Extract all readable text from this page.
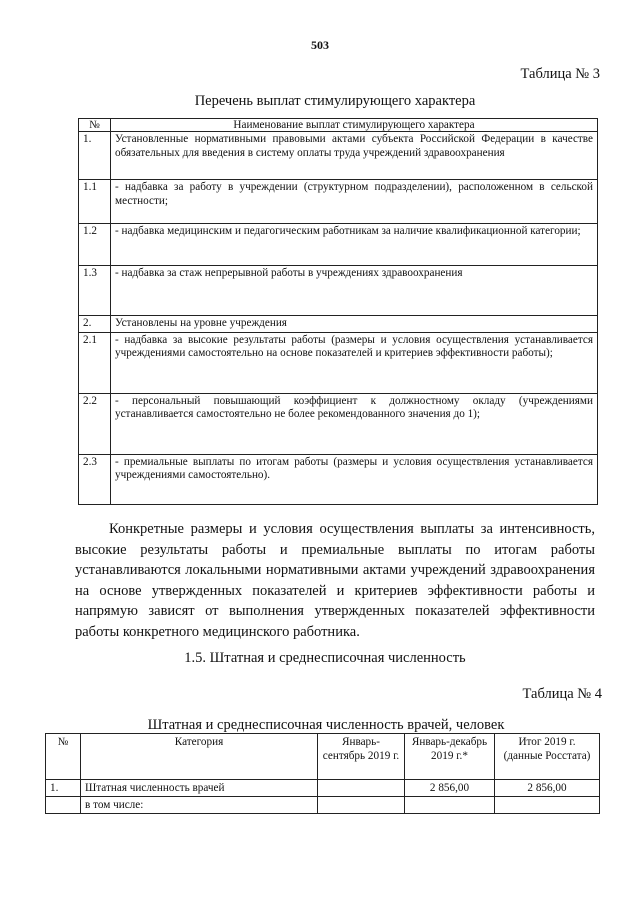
503
Таблица № 3
Перечень выплат стимулирующего характера
№	Наименование выплат стимулирующего характера
1.	Установленные нормативными правовыми актами субъекта Российской Федерации в качестве обязательных для введения в систему оплаты труда учреждений здравоохранения
1.1	- надбавка за работу в учреждении (структурном подразделении), расположенном в сельской местности;
1.2	- надбавка медицинским и педагогическим работникам за наличие квалификационной категории;
1.3	- надбавка за стаж непрерывной работы в учреждениях здравоохранения
2.	Установлены на уровне учреждения
2.1	- надбавка за высокие результаты работы (размеры и условия осуществления устанавливается учреждениями самостоятельно на основе показателей и критериев эффективности работы);
2.2	- персональный повышающий коэффициент к должностному окладу (учреждениями устанавливается самостоятельно не более рекомендованного значения до 1);
2.3	- премиальные выплаты по итогам работы (размеры и условия осуществления устанавливается учреждениями самостоятельно).
Конкретные размеры и условия осуществления выплаты за интенсивность, высокие результаты работы и премиальные выплаты по итогам работы устанавливаются локальными нормативными актами учреждений здравоохранения на основе утвержденных показателей и критериев эффективности работы и напрямую зависят от выполнения утвержденных показателей эффективности работы конкретного медицинского работника.
1.5. Штатная и среднесписочная численность
Таблица № 4
Штатная и среднесписочная численность врачей, человек
№	Категория	Январь-сентябрь 2019 г.	Январь-декабрь 2019 г.*	Итог 2019 г. (данные Росстата)
1.	Штатная численность врачей		2 856,00	2 856,00
	в том числе:			
